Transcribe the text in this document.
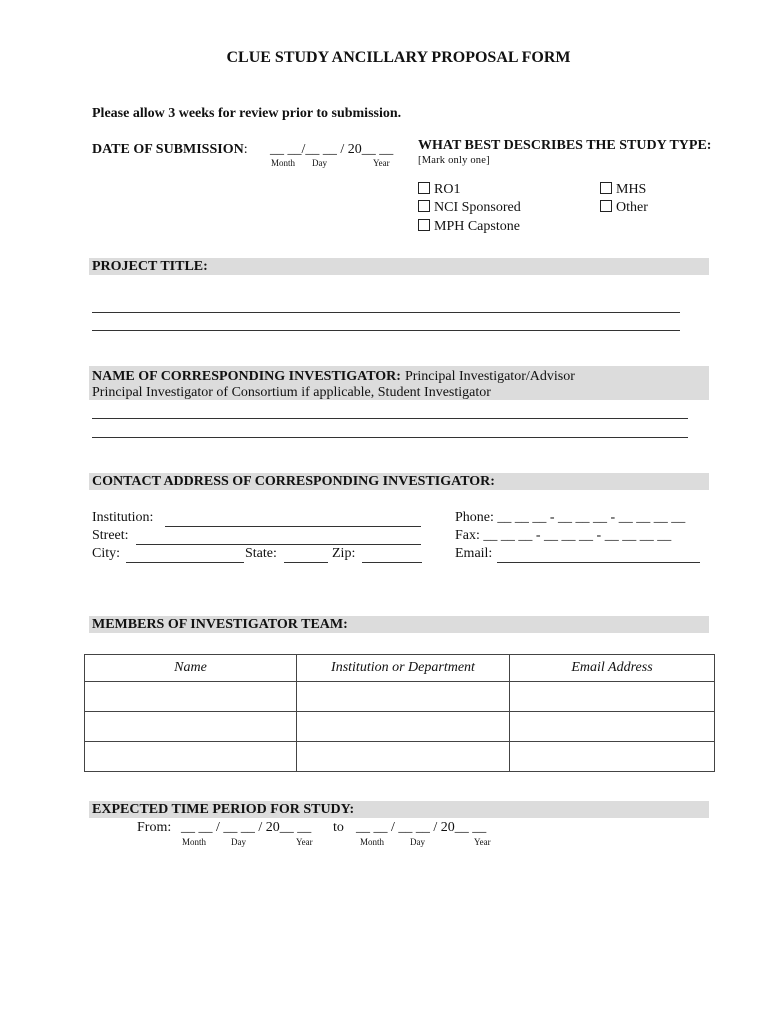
CLUE STUDY ANCILLARY PROPOSAL FORM
Please allow 3 weeks for review prior to submission.
DATE OF SUBMISSION: __ __/__ __ / 20__ __
Month Day	Year
WHAT BEST DESCRIBES THE STUDY TYPE:
[Mark only one]
RO1
NCI Sponsored
MPH Capstone
MHS
Other
PROJECT TITLE:
NAME OF CORRESPONDING INVESTIGATOR: Principal Investigator/Advisor
Principal Investigator of Consortium if applicable, Student Investigator
CONTACT ADDRESS OF CORRESPONDING INVESTIGATOR:
Institution:
Street:
City:	State:	Zip:
Phone: __ __ __ - __ __ __ - __ __ __ __
Fax: __ __ __ - __ __ __ - __ __ __ __
Email:
MEMBERS OF INVESTIGATOR TEAM:
Name	Institution or Department	Email Address

EXPECTED TIME PERIOD FOR STUDY:
From: __ __ / __ __ / 20__ __ to __ __ / __ __ / 20__ __
Month	Day	Year	Month	Day	Year
